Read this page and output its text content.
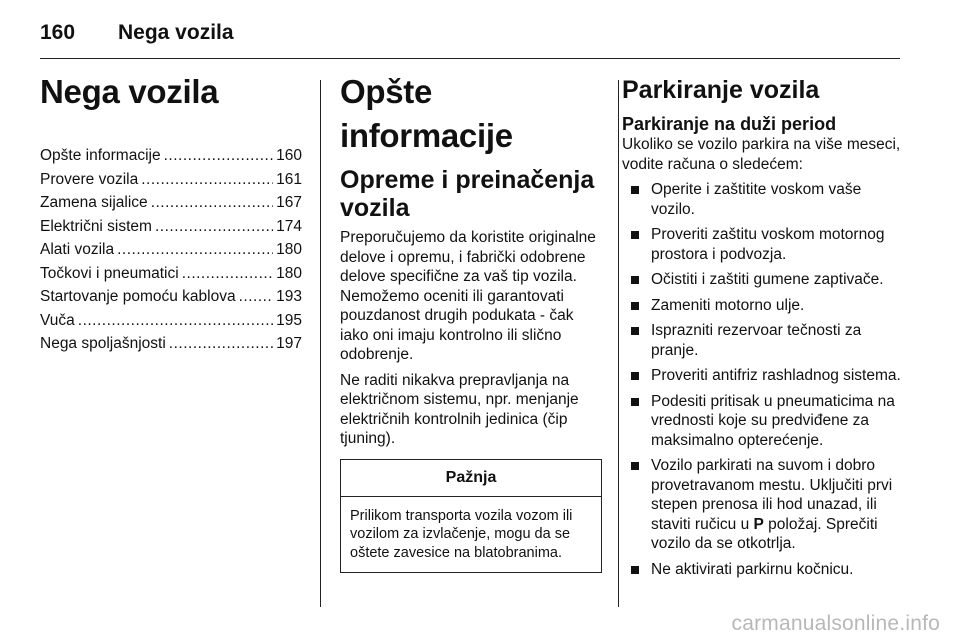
160	Nega vozila
Nega vozila
Opšte informacije .....	160
Provere vozila .....	161
Zamena sijalice .....	167
Električni sistem .....	174
Alati vozila .....	180
Točkovi i pneumatici .....	180
Startovanje pomoću kablova .....	193
Vuča .....	195
Nega spoljašnjosti .....	197
Opšte informacije
Opreme i preinačenja vozila

Preporučujemo da koristite originalne delove i opremu, i fabrički odobrene delove specifične za vaš tip vozila. Nemožemo oceniti ili garantovati pouzdanost drugih podukata - čak iako oni imaju kontrolno ili slično odobrenje.

Ne raditi nikakva prepravljanja na električnom sistemu, npr. menjanje električnih kontrolnih jedinica (čip tjuning).

Pažnja
Prilikom transporta vozila vozom ili vozilom za izvlačenje, mogu da se oštete zavesice na blatobranima.
Parkiranje vozila
Parkiranje na duži period

Ukoliko se vozilo parkira na više meseci, vodite računa o sledećem:

Operite i zaštitite voskom vaše vozilo.
Proveriti zaštitu voskom motornog prostora i podvozja.
Očistiti i zaštiti gumene zaptivače.
Zameniti motorno ulje.
Isprazniti rezervoar tečnosti za pranje.
Proveriti antifriz rashladnog sistema.
Podesiti pritisak u pneumaticima na vrednosti koje su predviđene za maksimalno opterećenje.
Vozilo parkirati na suvom i dobro provetravanom mestu. Uključiti prvi stepen prenosa ili hod unazad, ili staviti ručicu u P položaj. Sprečiti vozilo da se otkotrlja.
Ne aktivirati parkirnu kočnicu.
carmanualsonline.info
